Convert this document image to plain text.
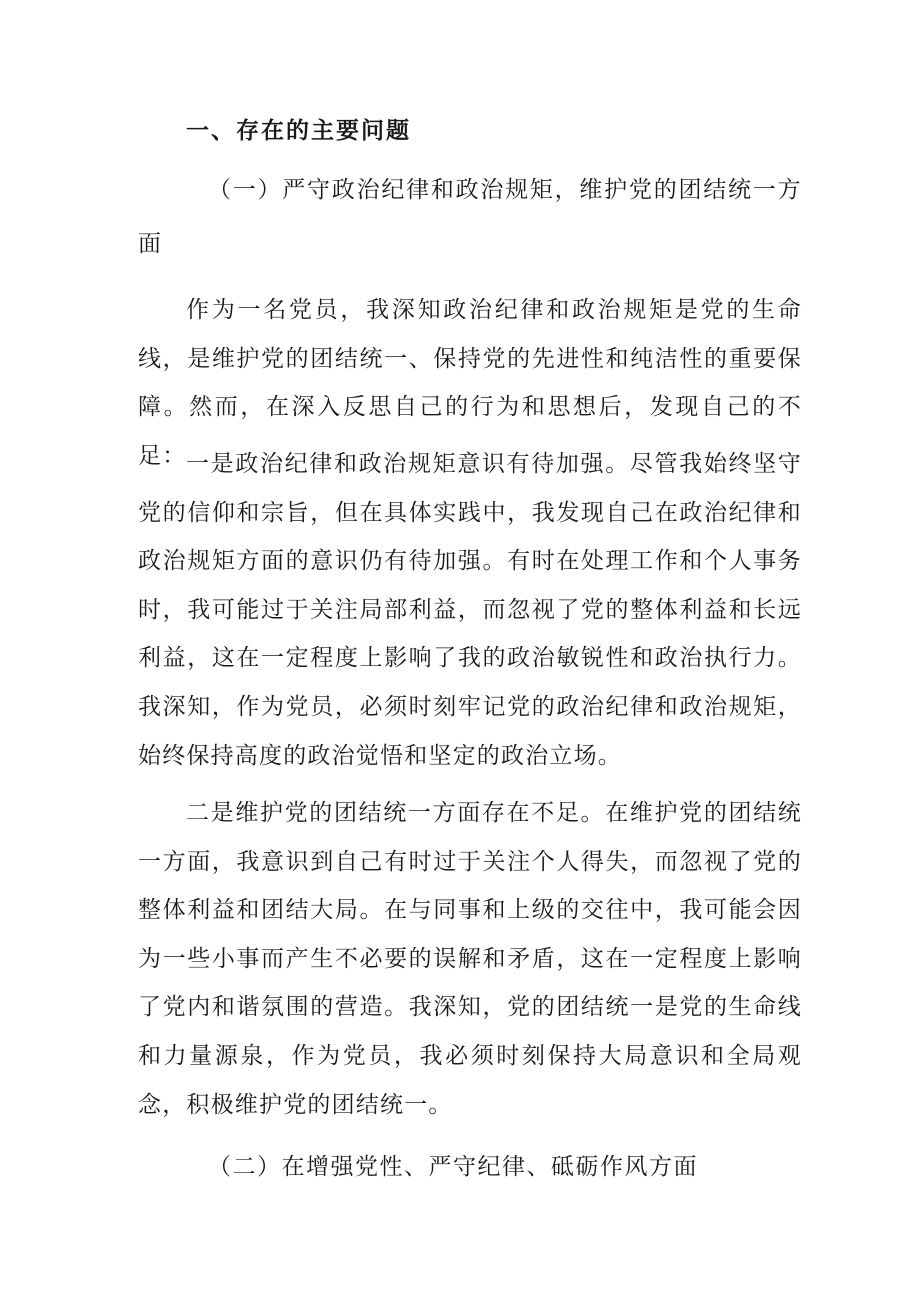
一、存在的主要问题
（一）严守政治纪律和政治规矩，维护党的团结统一方面
作为一名党员，我深知政治纪律和政治规矩是党的生命线，是维护党的团结统一、保持党的先进性和纯洁性的重要保障。然而，在深入反思自己的行为和思想后，发现自己的不足： 一是政治纪律和政治规矩意识有待加强。尽管我始终坚守党的信仰和宗旨，但在具体实践中，我发现自己在政治纪律和政治规矩方面的意识仍有待加强。有时在处理工作和个人事务时，我可能过于关注局部利益，而忽视了党的整体利益和长远利益，这在一定程度上影响了我的政治敏锐性和政治执行力。我深知，作为党员，必须时刻牢记党的政治纪律和政治规矩，始终保持高度的政治觉悟和坚定的政治立场。
二是维护党的团结统一方面存在不足。在维护党的团结统一方面，我意识到自己有时过于关注个人得失，而忽视了党的整体利益和团结大局。在与同事和上级的交往中，我可能会因为一些小事而产生不必要的误解和矛盾，这在一定程度上影响了党内和谐氛围的营造。我深知，党的团结统一是党的生命线和力量源泉，作为党员，我必须时刻保持大局意识和全局观念，积极维护党的团结统一。
（二）在增强党性、严守纪律、砥砺作风方面
